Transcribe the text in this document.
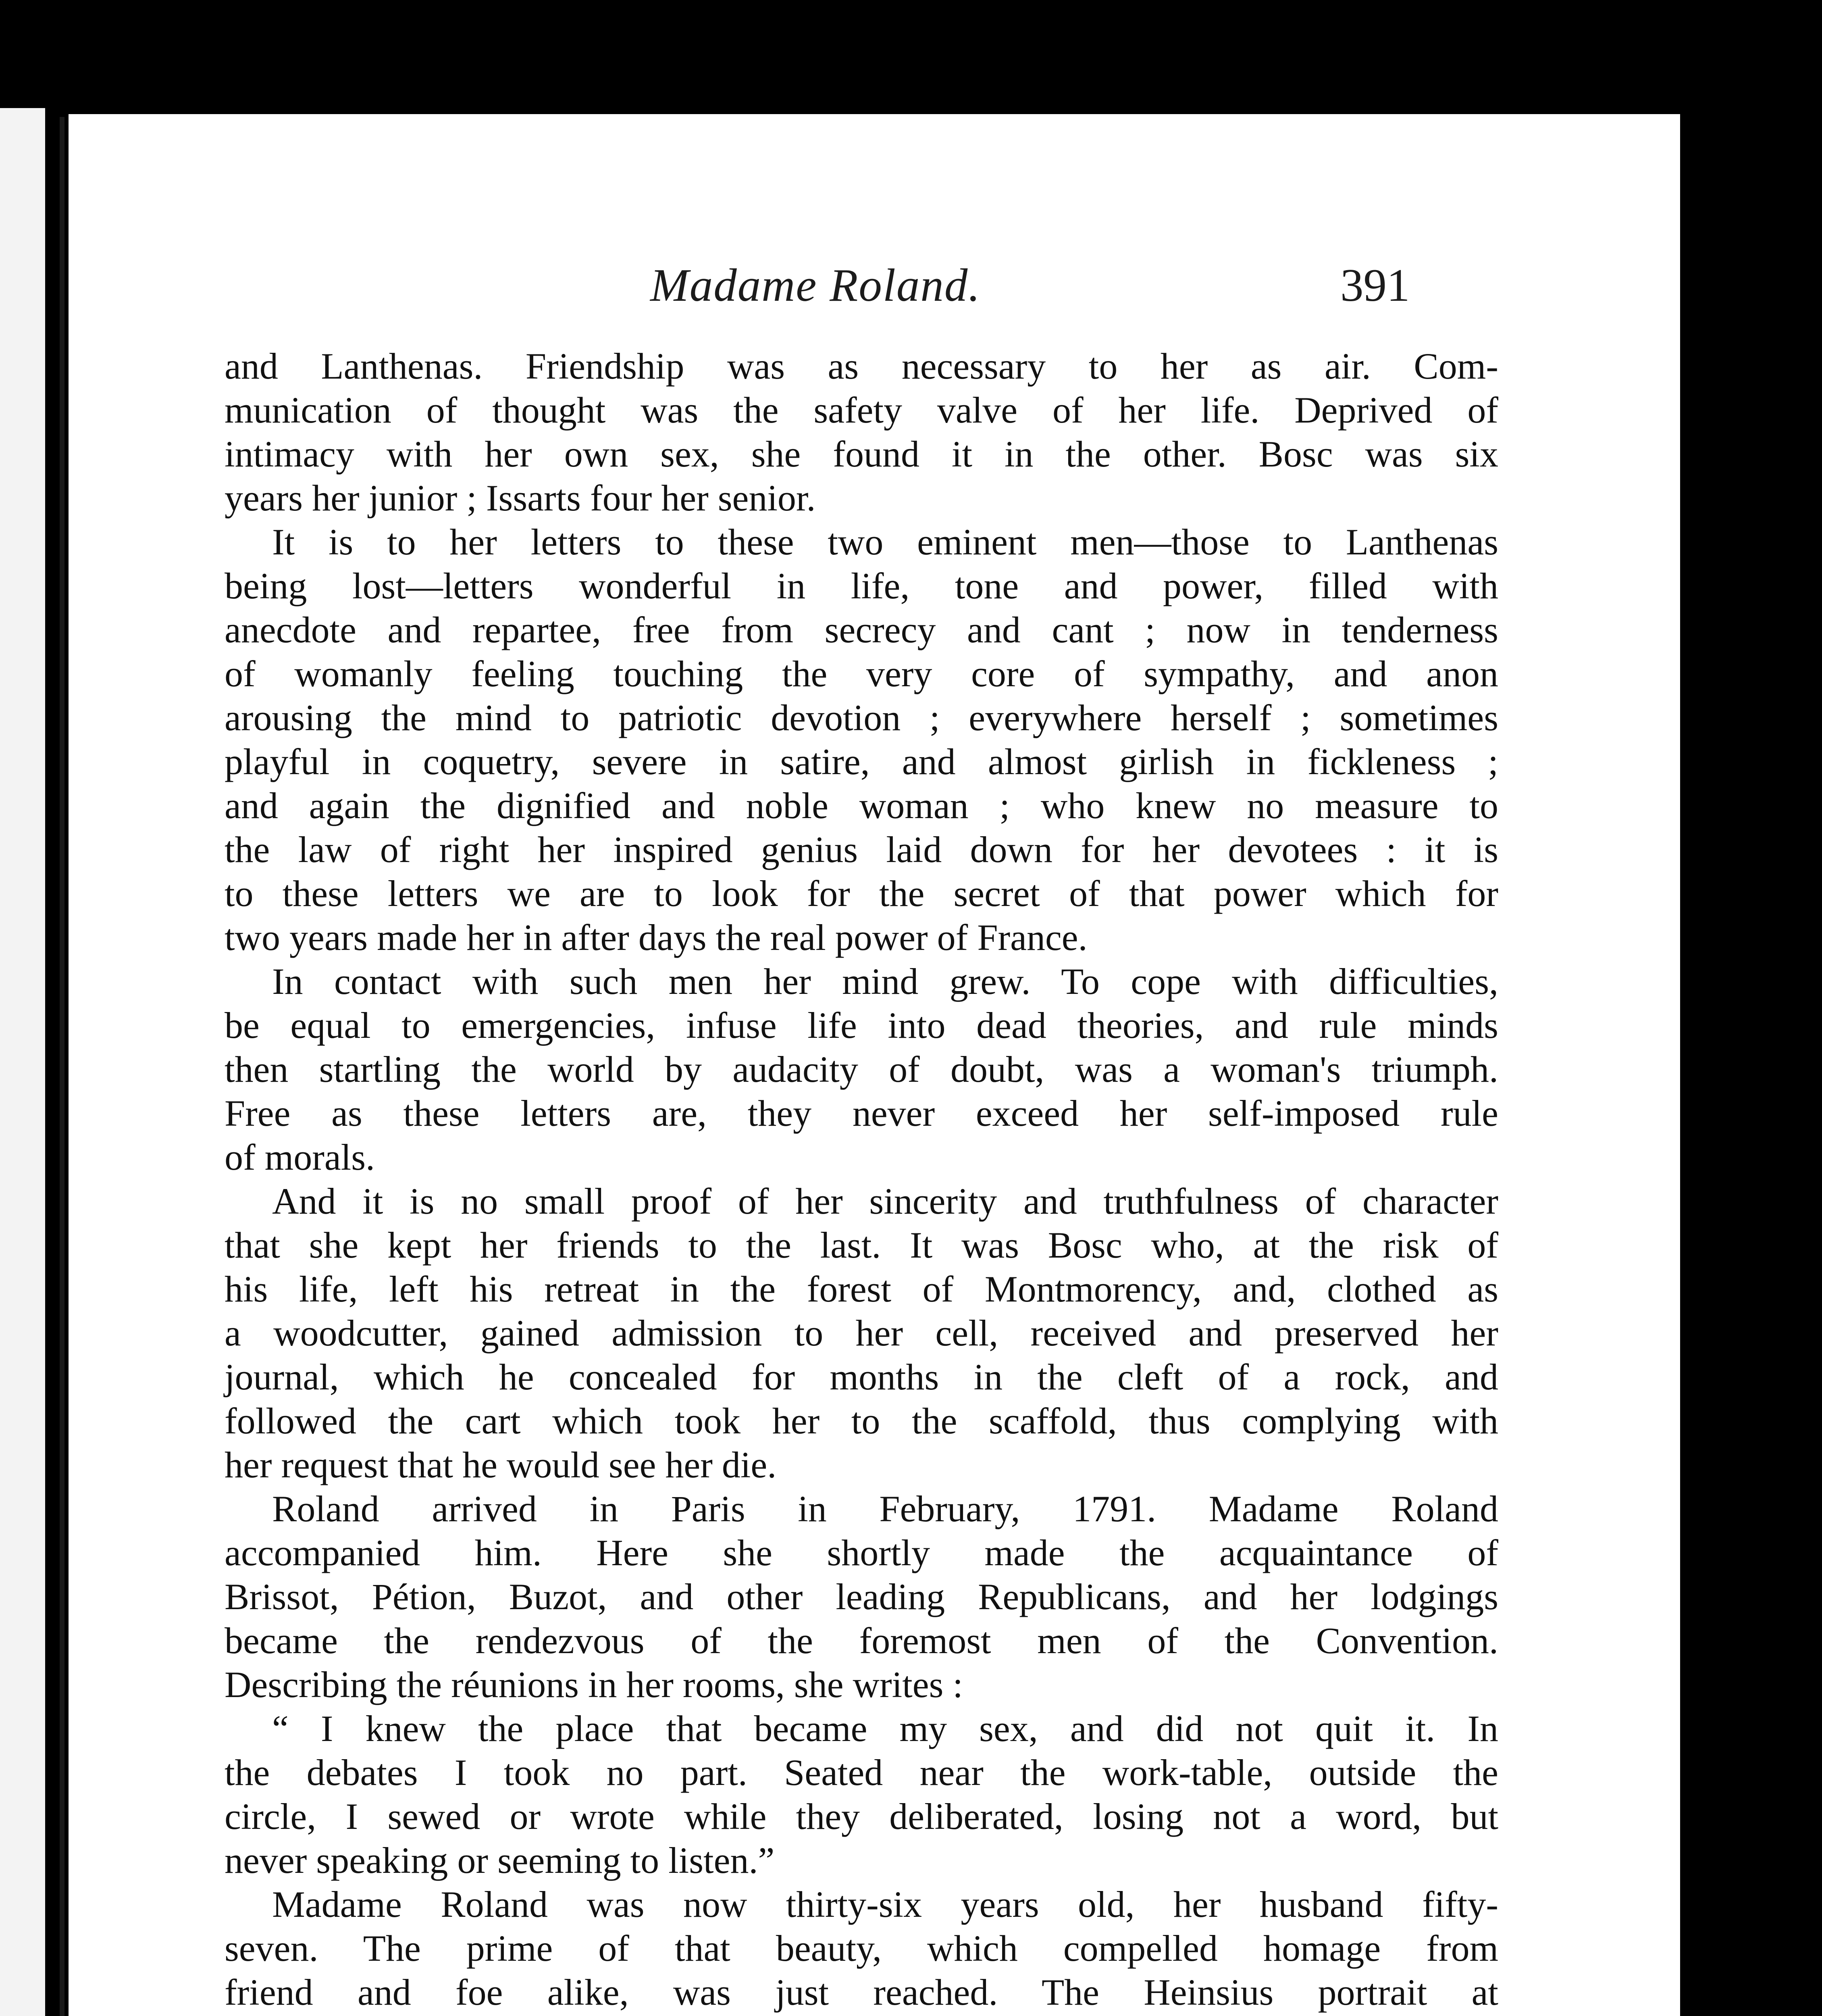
Madame Roland.	391
and Lanthenas. Friendship was as necessary to her as air. Com-
munication of thought was the safety valve of her life. Deprived of
intimacy with her own sex, she found it in the other. Bosc was six
years her junior ; Issarts four her senior.
It is to her letters to these two eminent men—those to Lanthenas
being lost—letters wonderful in life, tone and power, filled with
anecdote and repartee, free from secrecy and cant ; now in tenderness
of womanly feeling touching the very core of sympathy, and anon
arousing the mind to patriotic devotion ; everywhere herself ; sometimes
playful in coquetry, severe in satire, and almost girlish in fickleness ;
and again the dignified and noble woman ; who knew no measure to
the law of right her inspired genius laid down for her devotees : it is
to these letters we are to look for the secret of that power which for
two years made her in after days the real power of France.
In contact with such men her mind grew. To cope with difficulties,
be equal to emergencies, infuse life into dead theories, and rule minds
then startling the world by audacity of doubt, was a woman's triumph.
Free as these letters are, they never exceed her self-imposed rule
of morals.
And it is no small proof of her sincerity and truthfulness of character
that she kept her friends to the last. It was Bosc who, at the risk of
his life, left his retreat in the forest of Montmorency, and, clothed as
a woodcutter, gained admission to her cell, received and preserved her
journal, which he concealed for months in the cleft of a rock, and
followed the cart which took her to the scaffold, thus complying with
her request that he would see her die.
Roland arrived in Paris in February, 1791. Madame Roland
accompanied him. Here she shortly made the acquaintance of
Brissot, Pétion, Buzot, and other leading Republicans, and her lodgings
became the rendezvous of the foremost men of the Convention.
Describing the réunions in her rooms, she writes :
“ I knew the place that became my sex, and did not quit it. In
the debates I took no part. Seated near the work-table, outside the
circle, I sewed or wrote while they deliberated, losing not a word, but
never speaking or seeming to listen.”
Madame Roland was now thirty-six years old, her husband fifty-
seven. The prime of that beauty, which compelled homage from
friend and foe alike, was just reached. The Heinsius portrait at
